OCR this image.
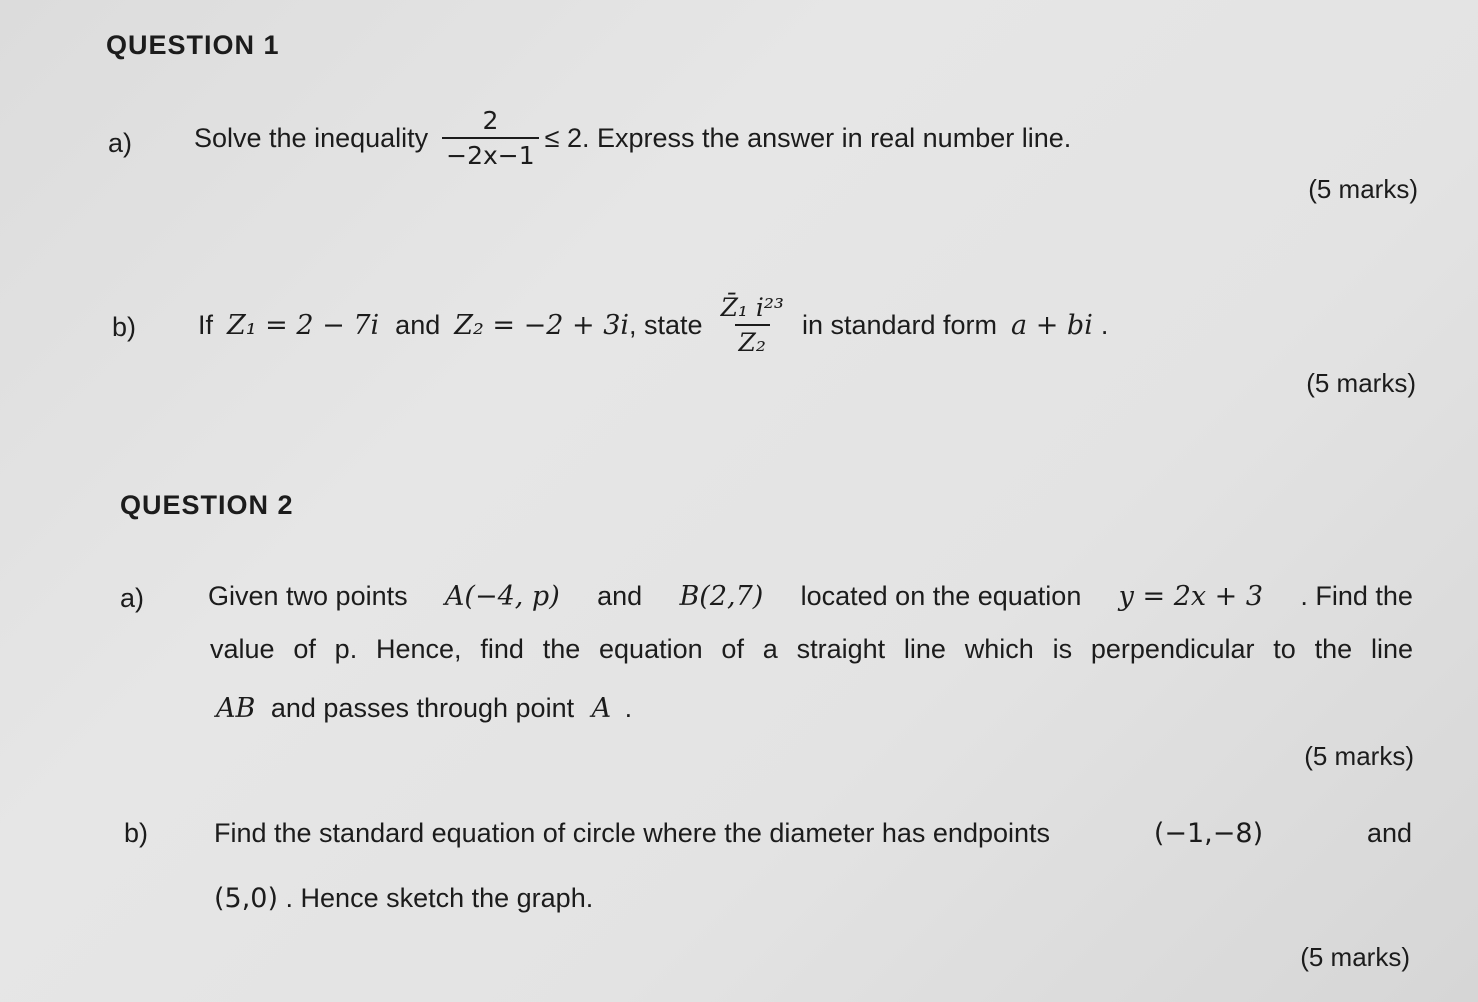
QUESTION 1
a) Solve the inequality $\frac{2}{-2x-1} \le 2$ . Express the answer in real number line.
(5 marks)
b) If Z₁ = 2 − 7i and Z₂ = −2 + 3i , state $\frac{\text{Z̄₁ i²³}}{\text{Z₂}}$ in standard form a + bi .
(5 marks)
QUESTION 2
a) Given two points A(−4, p) and B(2,7) located on the equation y = 2x + 3 . Find the
value of p. Hence, find the equation of a straight line which is perpendicular to the line
AB and passes through point A .
(5 marks)
b) Find the standard equation of circle where the diameter has endpoints	(−1,−8)	and
(5,0) . Hence sketch the graph.
(5 marks)
